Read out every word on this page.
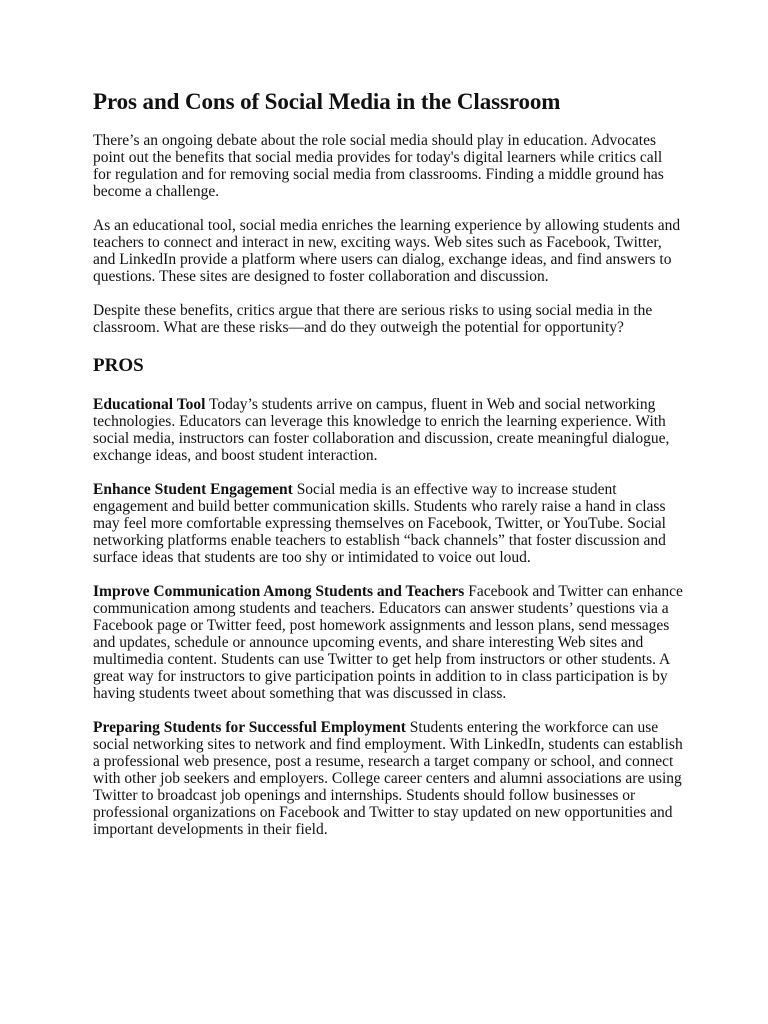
Pros and Cons of Social Media in the Classroom

There’s an ongoing debate about the role social media should play in education. Advocates point out the benefits that social media provides for today's digital learners while critics call for regulation and for removing social media from classrooms. Finding a middle ground has become a challenge.

As an educational tool, social media enriches the learning experience by allowing students and teachers to connect and interact in new, exciting ways. Web sites such as Facebook, Twitter, and LinkedIn provide a platform where users can dialog, exchange ideas, and find answers to questions. These sites are designed to foster collaboration and discussion.

Despite these benefits, critics argue that there are serious risks to using social media in the classroom. What are these risks—and do they outweigh the potential for opportunity?

PROS

Educational Tool Today’s students arrive on campus, fluent in Web and social networking technologies. Educators can leverage this knowledge to enrich the learning experience. With social media, instructors can foster collaboration and discussion, create meaningful dialogue, exchange ideas, and boost student interaction.

Enhance Student Engagement Social media is an effective way to increase student engagement and build better communication skills. Students who rarely raise a hand in class may feel more comfortable expressing themselves on Facebook, Twitter, or YouTube. Social networking platforms enable teachers to establish “back channels” that foster discussion and surface ideas that students are too shy or intimidated to voice out loud.

Improve Communication Among Students and Teachers Facebook and Twitter can enhance communication among students and teachers. Educators can answer students’ questions via a Facebook page or Twitter feed, post homework assignments and lesson plans, send messages and updates, schedule or announce upcoming events, and share interesting Web sites and multimedia content. Students can use Twitter to get help from instructors or other students. A great way for instructors to give participation points in addition to in class participation is by having students tweet about something that was discussed in class.

Preparing Students for Successful Employment Students entering the workforce can use social networking sites to network and find employment. With LinkedIn, students can establish a professional web presence, post a resume, research a target company or school, and connect with other job seekers and employers. College career centers and alumni associations are using Twitter to broadcast job openings and internships. Students should follow businesses or professional organizations on Facebook and Twitter to stay updated on new opportunities and important developments in their field.
